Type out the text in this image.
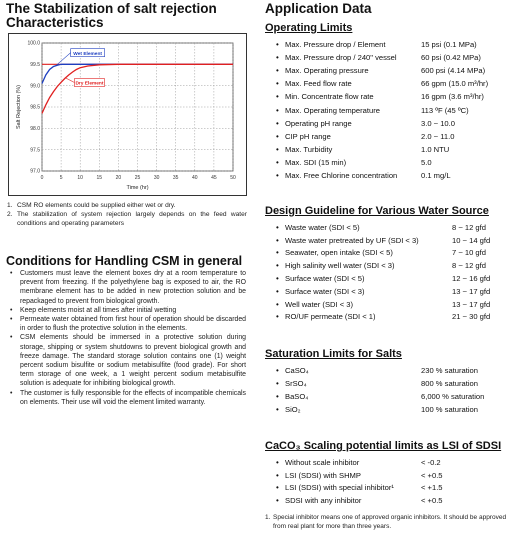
The Stabilization of salt rejection Characteristics
0	5	10	15	20	25	30	35	40	45	50
100.0
99.5
99.0
98.5
98.0
97.5
97.0
Time (hr)
Salt Rejection (%)
Wet Element
Dry Element
1. CSM RO elements could be supplied either wet or dry.
2. The stabilization of system rejection largely depends on the feed water conditions and operating parameters
Conditions for Handling CSM in general
•	Customers must leave the element boxes dry at a room temperature to prevent from freezing. If the polyethylene bag is exposed to air, the RO membrane element has to be added in new protection solution and be repackaged to prevent from biological growth.
•	Keep elements moist at all times after initial wetting
•	Permeate water obtained from first hour of operation should be discarded in order to flush the protective solution in the elements.
•	CSM elements should be immersed in a protective solution during storage, shipping or system shutdowns to prevent biological growth and freeze damage. The standard storage solution contains one (1) weight percent sodium bisulfite or sodium metabisulfite (food grade). For short term storage of one week, a 1 weight percent sodium metabisulfite solution is adequate for inhibiting biological growth.
•	The customer is fully responsible for the effects of incompatible chemicals on elements. Their use will void the element limited warranty.
Application Data
Operating Limits
• Max. Pressure drop / Element	15 psi (0.1 MPa)
• Max. Pressure drop / 240" vessel	60 psi (0.42 MPa)
• Max. Operating pressure	600 psi (4.14 MPa)
• Max. Feed flow rate	66 gpm (15.0 m³/hr)
• Min. Concentrate flow rate	16 gpm (3.6 m³/hr)
• Max. Operating temperature	113 ºF (45 ºC)
• Operating pH range	3.0 ~ 10.0
• CIP pH range	2.0 ~ 11.0
• Max. Turbidity	1.0 NTU
• Max. SDI (15 min)	5.0
• Max. Free Chlorine concentration	0.1 mg/L
Design Guideline for Various Water Source
• Waste water (SDI < 5)	8 ~ 12 gfd
• Waste water pretreated by UF (SDI < 3)	10 ~ 14 gfd
• Seawater, open intake (SDI < 5)	7 ~ 10 gfd
• High salinity well water (SDI < 3)	8 ~ 12 gfd
• Surface water (SDI < 5)	12 ~ 16 gfd
• Surface water (SDI < 3)	13 ~ 17 gfd
• Well water (SDI < 3)	13 ~ 17 gfd
• RO/UF permeate (SDI < 1)	21 ~ 30 gfd
Saturation Limits for Salts
• CaSO₄	230 % saturation
• SrSO₄	800 % saturation
• BaSO₄	6,000 % saturation
• SiO₂	100 % saturation
CaCO₃ Scaling potential limits as LSI of SDSI
• Without scale inhibitor	< -0.2
• LSI (SDSI) with SHMP	< +0.5
• LSI (SDSI) with special inhibitor¹	< +1.5
• SDSI with any inhibitor	< +0.5
1. Special inhibitor means one of approved organic inhibitors. It should be approved from real plant for more than three years.
